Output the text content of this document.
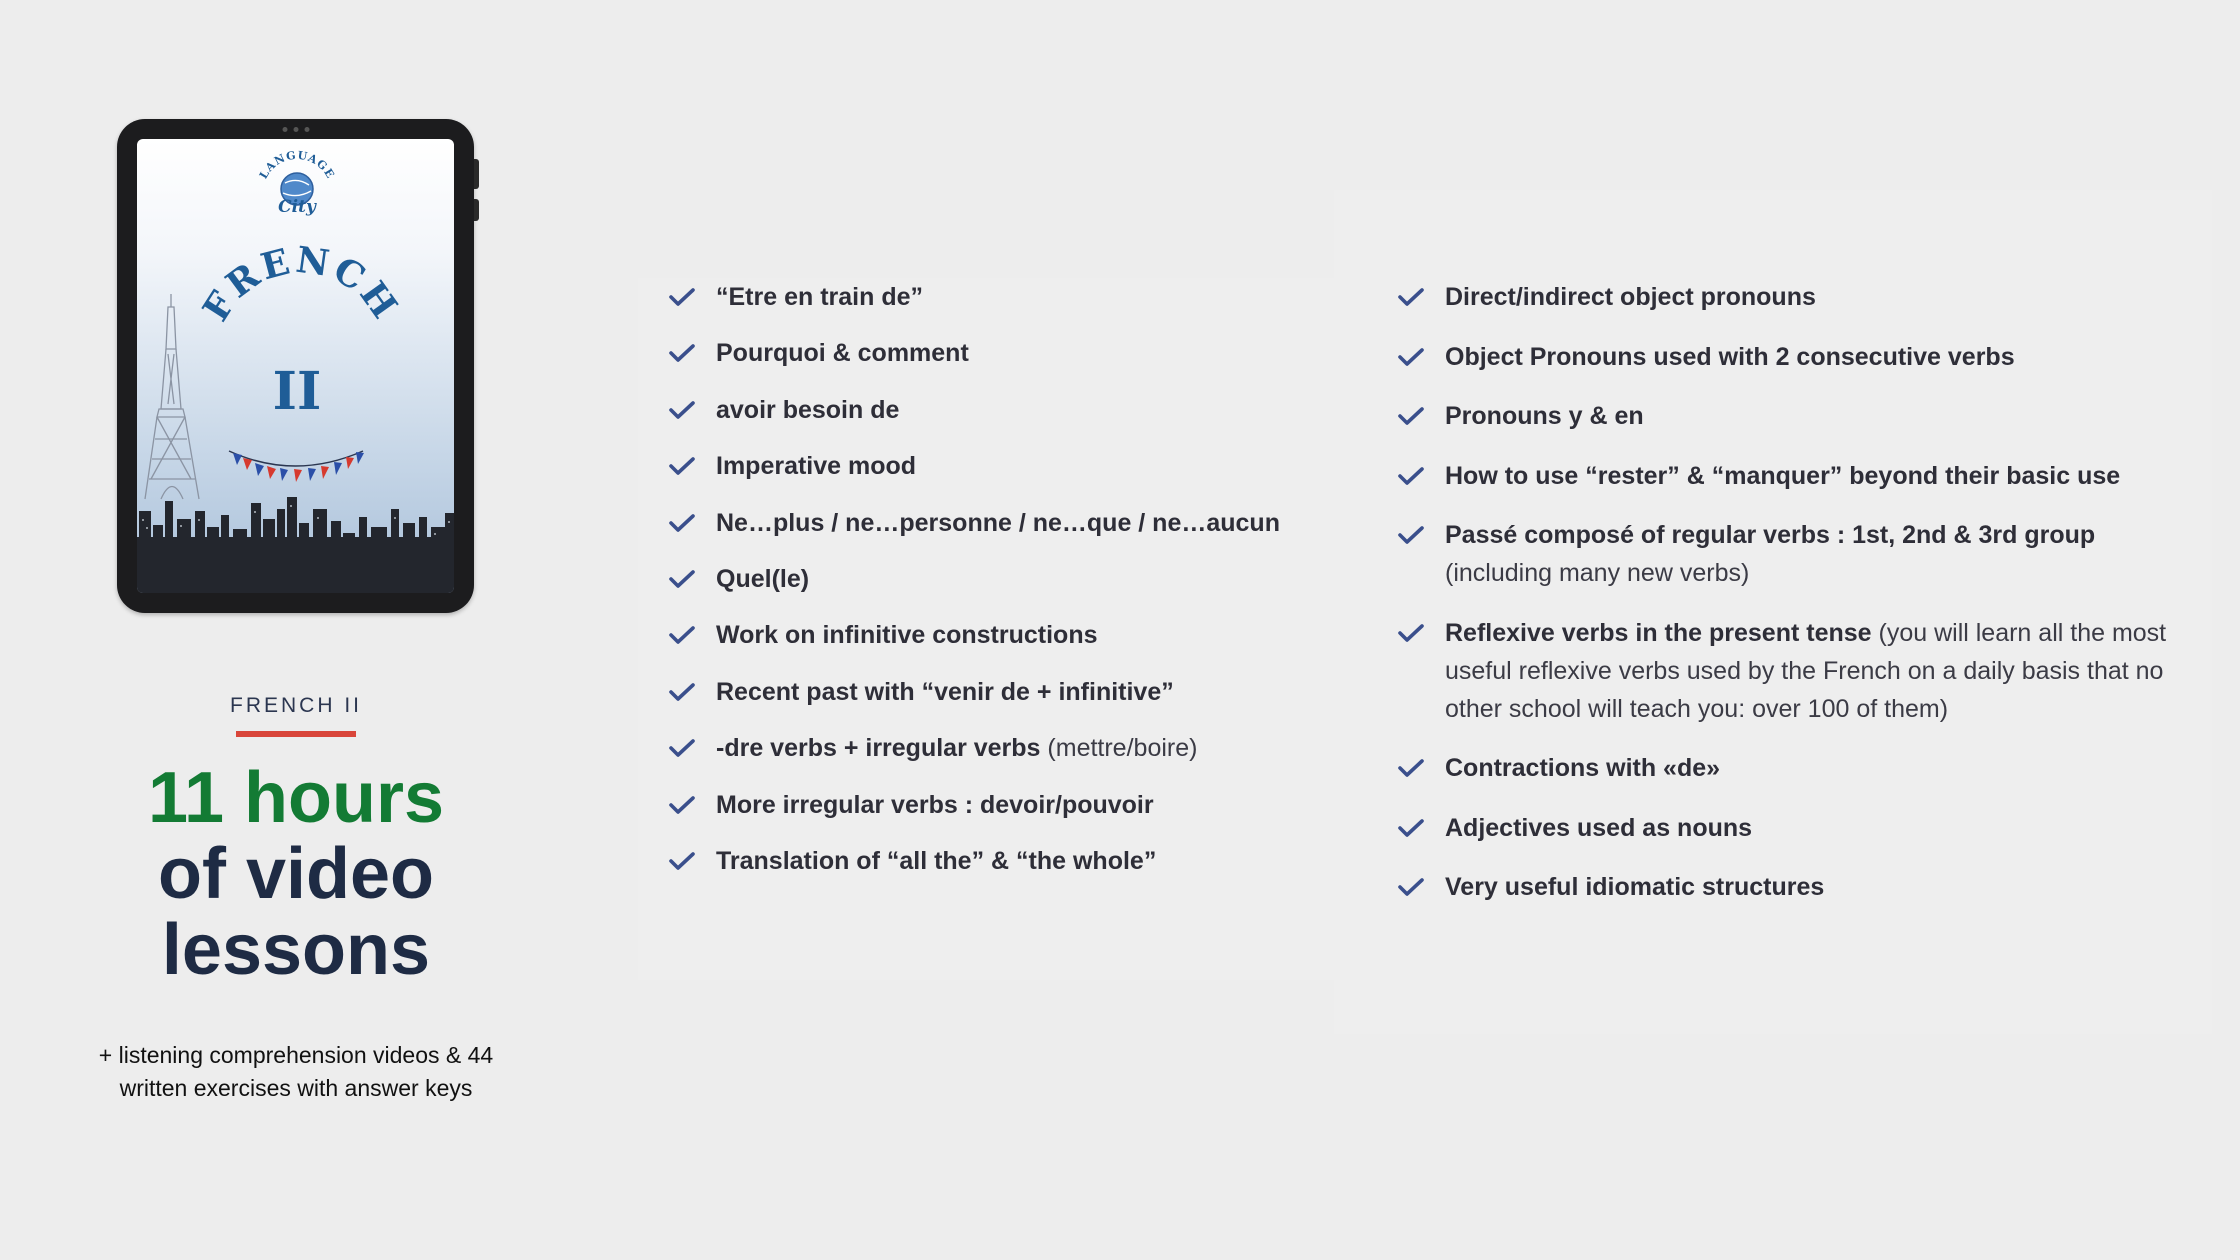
LANGUAGE
City
FRENCH
II
FRENCH II
11 hours
of video lessons
+ listening comprehension videos & 44 written exercises with answer keys
“Etre en train de”
Pourquoi & comment
avoir besoin de
Imperative mood
Ne…plus / ne…personne / ne…que / ne…aucun
Quel(le)
Work on infinitive constructions
Recent past with “venir de + infinitive”
-dre verbs + irregular verbs (mettre/boire)
More irregular verbs : devoir/pouvoir
Translation of “all the” & “the whole”
Direct/indirect object pronouns
Object Pronouns used with 2 consecutive verbs
Pronouns y & en
How to use “rester” & “manquer” beyond their basic use
Passé composé of regular verbs : 1st, 2nd & 3rd group (including many new verbs)
Reflexive verbs in the present tense (you will learn all the most useful reflexive verbs used by the French on a daily basis that no other school will teach you: over 100 of them)
Contractions with «de»
Adjectives used as nouns
Very useful idiomatic structures
